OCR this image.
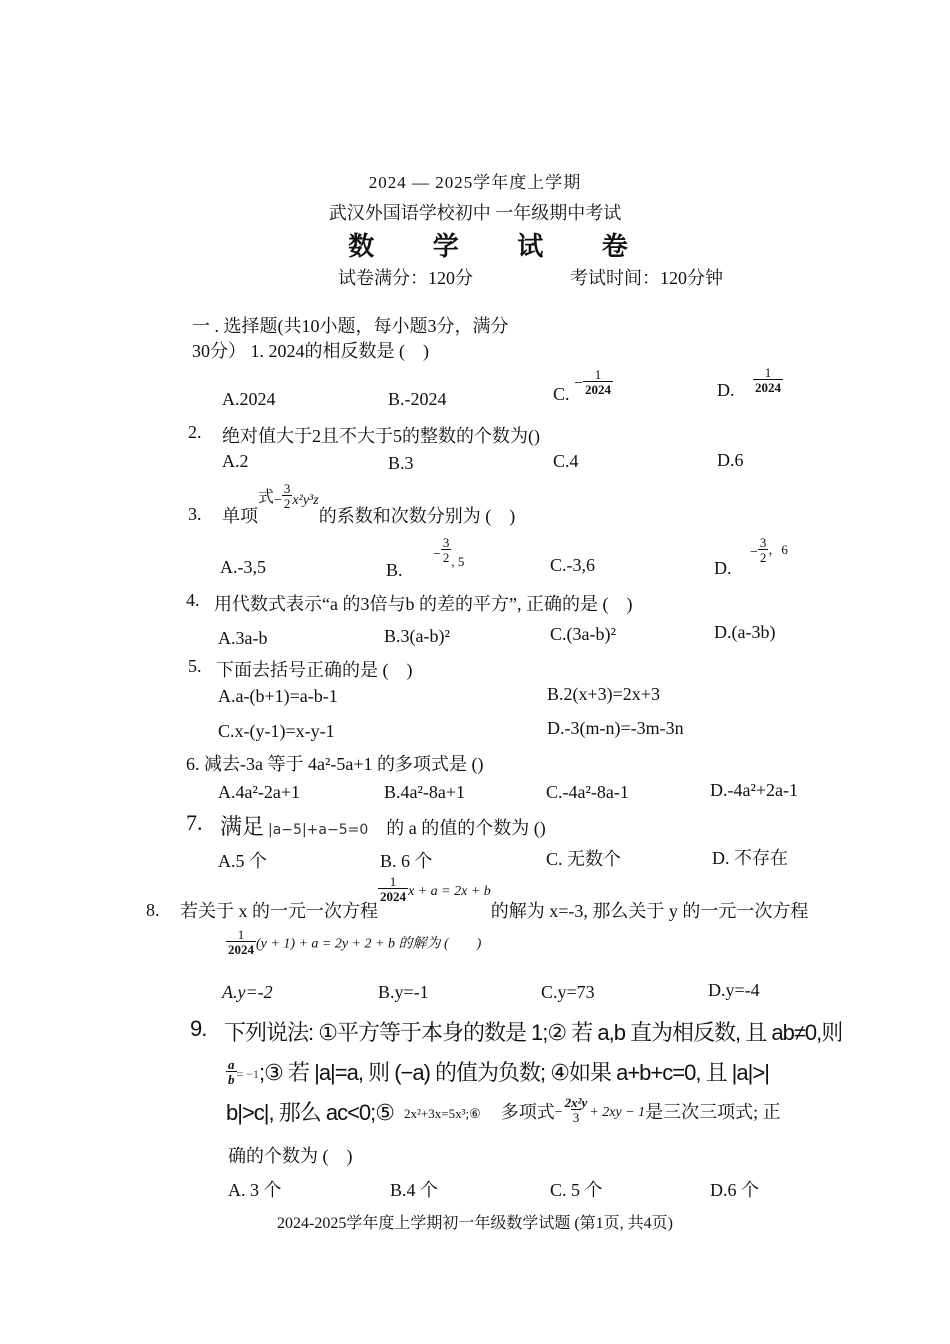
2024 — 2025学年度上学期
武汉外国语学校初中 一年级期中考试
数 学 试 卷
试卷满分：120分	考试时间：120分钟
一 . 选择题(共10小题，每小题3分，满分
30分） 1. 2024的相反数是 (　)
A.2024	B.-2024	C. − $\frac{1}{2024}$	D. $\frac{1}{2024}$
2. 绝对值大于2且不大于5的整数的个数为()
A.2	B.3	C.4	D.6
3. 单项式$_- \frac{3}{2} _{x^2y^3z}$的系数和次数分别为 (　)
A.-3,5	B. $_- \frac{3}{2} _{, 5}$	C.-3,6	D. − $\frac{3}{2}$ ，6
4. 用代数式表示“a 的3倍与b 的差的平方”, 正确的是 (　)
A.3a-b	B.3(a-b)²	C.(3a-b)²	D.(a-3b)
5. 下面去括号正确的是 (　)
A.a-(b+1)=a-b-1	B.2(x+3)=2x+3
C.x-(y-1)=x-y-1	D.-3(m-n)=-3m-3n
6. 减去-3a 等于 4a²-5a+1 的多项式是 ()
A.4a²-2a+1	B.4a²-8a+1	C.-4a²-8a-1	D.-4a²+2a-1
7. 满足 |a−5|+a−5=0 的 a 的值的个数为 ()
A.5 个	B. 6 个	C. 无数个	D. 不存在
8. 若关于 x 的一元一次方程
$\frac{1}{2024}$ x + a = 2x + b的解为 x=-3, 那么关于 y 的一元一次方程
$\frac{1}{2024} (y + 1) + a = 2y + 2 + b$ 的解为 (　　)
A.y=-2	B.y=-1	C.y=73	D.y=-4
9. 下列说法: ①平方等于本身的数是 1;② 若 a,b 直为相反数, 且 ab≠0,则
$\frac{a}{b}$ = −1;③ 若 |a|=a, 则 (−a) 的值为负数; ④如果 a+b+c=0, 且 |a|>|
b|>c|, 那么 ac<0;⑤ $_{2x^2+3x=5x^3;⑥}$ 多项式− $\frac{\text{2x²y}}{3} + 2xy - 1$是三次三项式; 正
确的个数为 (　)
A. 3 个	B.4 个	C. 5 个	D.6 个
2024-2025学年度上学期初一年级数学试题 (第1页, 共4页)
